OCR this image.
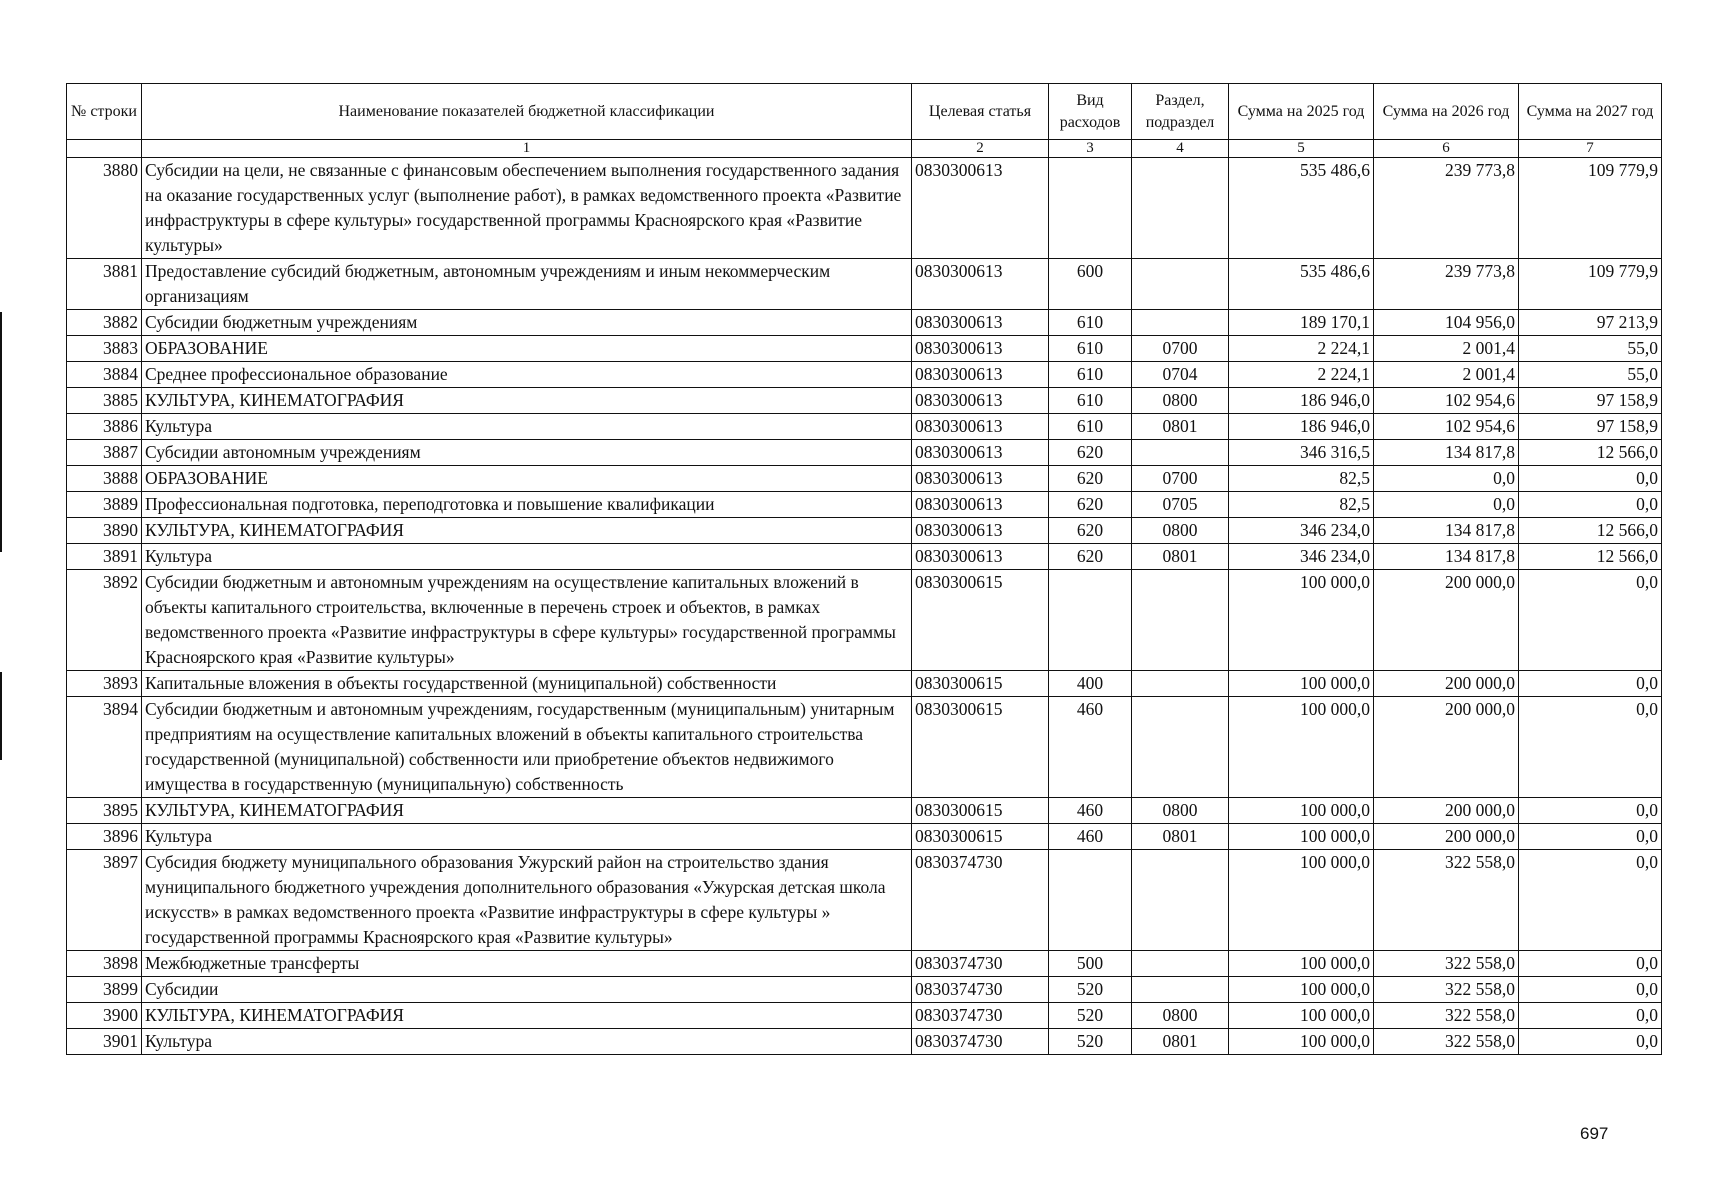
№ строки	Наименование показателей бюджетной классификации	Целевая статья	Вид расходов	Раздел, подраздел	Сумма на 2025 год	Сумма на 2026 год	Сумма на 2027 год
	1	2	3	4	5	6	7
3880	Субсидии на цели, не связанные с финансовым обеспечением выполнения государственного задания на оказание государственных услуг (выполнение работ), в рамках ведомственного проекта «Развитие инфраструктуры в сфере культуры» государственной программы Красноярского края «Развитие культуры»	0830300613			535 486,6	239 773,8	109 779,9
3881	Предоставление субсидий бюджетным, автономным учреждениям и иным некоммерческим организациям	0830300613	600		535 486,6	239 773,8	109 779,9
3882	Субсидии бюджетным учреждениям	0830300613	610		189 170,1	104 956,0	97 213,9
3883	ОБРАЗОВАНИЕ	0830300613	610	0700	2 224,1	2 001,4	55,0
3884	Среднее профессиональное образование	0830300613	610	0704	2 224,1	2 001,4	55,0
3885	КУЛЬТУРА, КИНЕМАТОГРАФИЯ	0830300613	610	0800	186 946,0	102 954,6	97 158,9
3886	Культура	0830300613	610	0801	186 946,0	102 954,6	97 158,9
3887	Субсидии автономным учреждениям	0830300613	620		346 316,5	134 817,8	12 566,0
3888	ОБРАЗОВАНИЕ	0830300613	620	0700	82,5	0,0	0,0
3889	Профессиональная подготовка, переподготовка и повышение квалификации	0830300613	620	0705	82,5	0,0	0,0
3890	КУЛЬТУРА, КИНЕМАТОГРАФИЯ	0830300613	620	0800	346 234,0	134 817,8	12 566,0
3891	Культура	0830300613	620	0801	346 234,0	134 817,8	12 566,0
3892	Субсидии бюджетным и автономным учреждениям на осуществление капитальных вложений в объекты капитального строительства, включенные в перечень строек и объектов, в рамках ведомственного проекта «Развитие инфраструктуры в сфере культуры» государственной программы Красноярского края «Развитие культуры»	0830300615			100 000,0	200 000,0	0,0
3893	Капитальные вложения в объекты государственной (муниципальной) собственности	0830300615	400		100 000,0	200 000,0	0,0
3894	Субсидии бюджетным и автономным учреждениям, государственным (муниципальным) унитарным предприятиям на осуществление капитальных вложений в объекты капитального строительства государственной (муниципальной) собственности или приобретение объектов недвижимого имущества в государственную (муниципальную) собственность	0830300615	460		100 000,0	200 000,0	0,0
3895	КУЛЬТУРА, КИНЕМАТОГРАФИЯ	0830300615	460	0800	100 000,0	200 000,0	0,0
3896	Культура	0830300615	460	0801	100 000,0	200 000,0	0,0
3897	Субсидия бюджету муниципального образования Ужурский район на строительство здания муниципального бюджетного учреждения дополнительного образования «Ужурская детская школа искусств» в рамках ведомственного проекта «Развитие инфраструктуры в сфере культуры » государственной программы Красноярского края «Развитие культуры»	0830374730			100 000,0	322 558,0	0,0
3898	Межбюджетные трансферты	0830374730	500		100 000,0	322 558,0	0,0
3899	Субсидии	0830374730	520		100 000,0	322 558,0	0,0
3900	КУЛЬТУРА, КИНЕМАТОГРАФИЯ	0830374730	520	0800	100 000,0	322 558,0	0,0
3901	Культура	0830374730	520	0801	100 000,0	322 558,0	0,0
697
